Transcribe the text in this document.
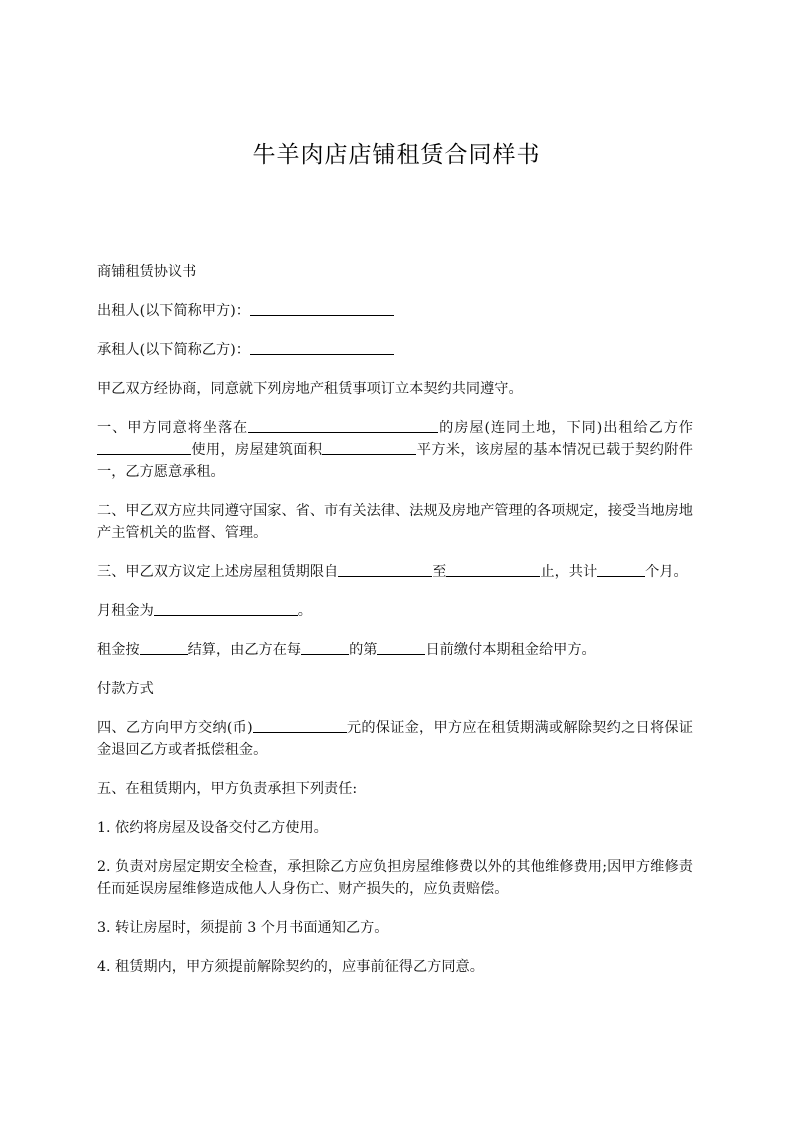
牛羊肉店店铺租赁合同样书

商铺租赁协议书

出租人(以下简称甲方)：

承租人(以下简称乙方)：

甲乙双方经协商，同意就下列房地产租赁事项订立本契约共同遵守。

一、甲方同意将坐落在	的房屋(连同土地，下同)出租给乙方作使用，房屋建筑面积	平方米，该房屋的基本情况已载于契约附件一，乙方愿意承租。

二、甲乙双方应共同遵守国家、省、市有关法律、法规及房地产管理的各项规定，接受当地房地产主管机关的监督、管理。

三、甲乙双方议定上述房屋租赁期限自	至	止，共计	个月。

月租金为	。

租金按	结算，由乙方在每	的第	日前缴付本期租金给甲方。

付款方式

四、乙方向甲方交纳(币)	元的保证金，甲方应在租赁期满或解除契约之日将保证金退回乙方或者抵偿租金。

五、在租赁期内，甲方负责承担下列责任:

1. 依约将房屋及设备交付乙方使用。

2. 负责对房屋定期安全检查，承担除乙方应负担房屋维修费以外的其他维修费用;因甲方维修责任而延误房屋维修造成他人人身伤亡、财产损失的，应负责赔偿。

3. 转让房屋时，须提前 3 个月书面通知乙方。

4. 租赁期内，甲方须提前解除契约的，应事前征得乙方同意。
